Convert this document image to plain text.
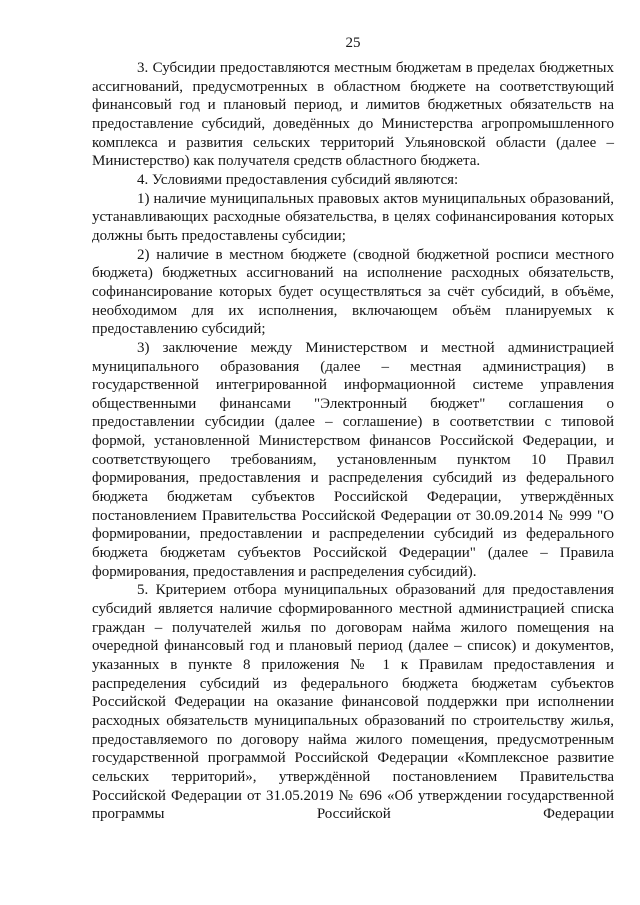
25

3. Субсидии предоставляются местным бюджетам в пределах бюджетных ассигнований, предусмотренных в областном бюджете на соответствующий финансовый год и плановый период, и лимитов бюджетных обязательств на предоставление субсидий, доведённых до Министерства агропромышленного комплекса и развития сельских территорий Ульяновской области (далее – Министерство) как получателя средств областного бюджета.

4. Условиями предоставления субсидий являются:

1) наличие муниципальных правовых актов муниципальных образований, устанавливающих расходные обязательства, в целях софинансирования которых должны быть предоставлены субсидии;

2) наличие в местном бюджете (сводной бюджетной росписи местного бюджета) бюджетных ассигнований на исполнение расходных обязательств, софинансирование которых будет осуществляться за счёт субсидий, в объёме, необходимом для их исполнения, включающем объём планируемых к предоставлению субсидий;

3) заключение между Министерством и местной администрацией муниципального образования (далее – местная администрация) в государственной интегрированной информационной системе управления общественными финансами "Электронный бюджет" соглашения о предоставлении субсидии (далее – соглашение) в соответствии с типовой формой, установленной Министерством финансов Российской Федерации, и соответствующего требованиям, установленным пунктом 10 Правил формирования, предоставления и распределения субсидий из федерального бюджета бюджетам субъектов Российской Федерации, утверждённых постановлением Правительства Российской Федерации от 30.09.2014 № 999 "О формировании, предоставлении и распределении субсидий из федерального бюджета бюджетам субъектов Российской Федерации" (далее – Правила формирования, предоставления и распределения субсидий).

5. Критерием отбора муниципальных образований для предоставления субсидий является наличие сформированного местной администрацией списка граждан – получателей жилья по договорам найма жилого помещения на очередной финансовый год и плановый период (далее – список) и документов, указанных в пункте 8 приложения № 1 к Правилам предоставления и распределения субсидий из федерального бюджета бюджетам субъектов Российской Федерации на оказание финансовой поддержки при исполнении расходных обязательств муниципальных образований по строительству жилья, предоставляемого по договору найма жилого помещения, предусмотренным государственной программой Российской Федерации «Комплексное развитие сельских территорий», утверждённой постановлением Правительства Российской Федерации от 31.05.2019 № 696 «Об утверждении государственной программы Российской Федерации
